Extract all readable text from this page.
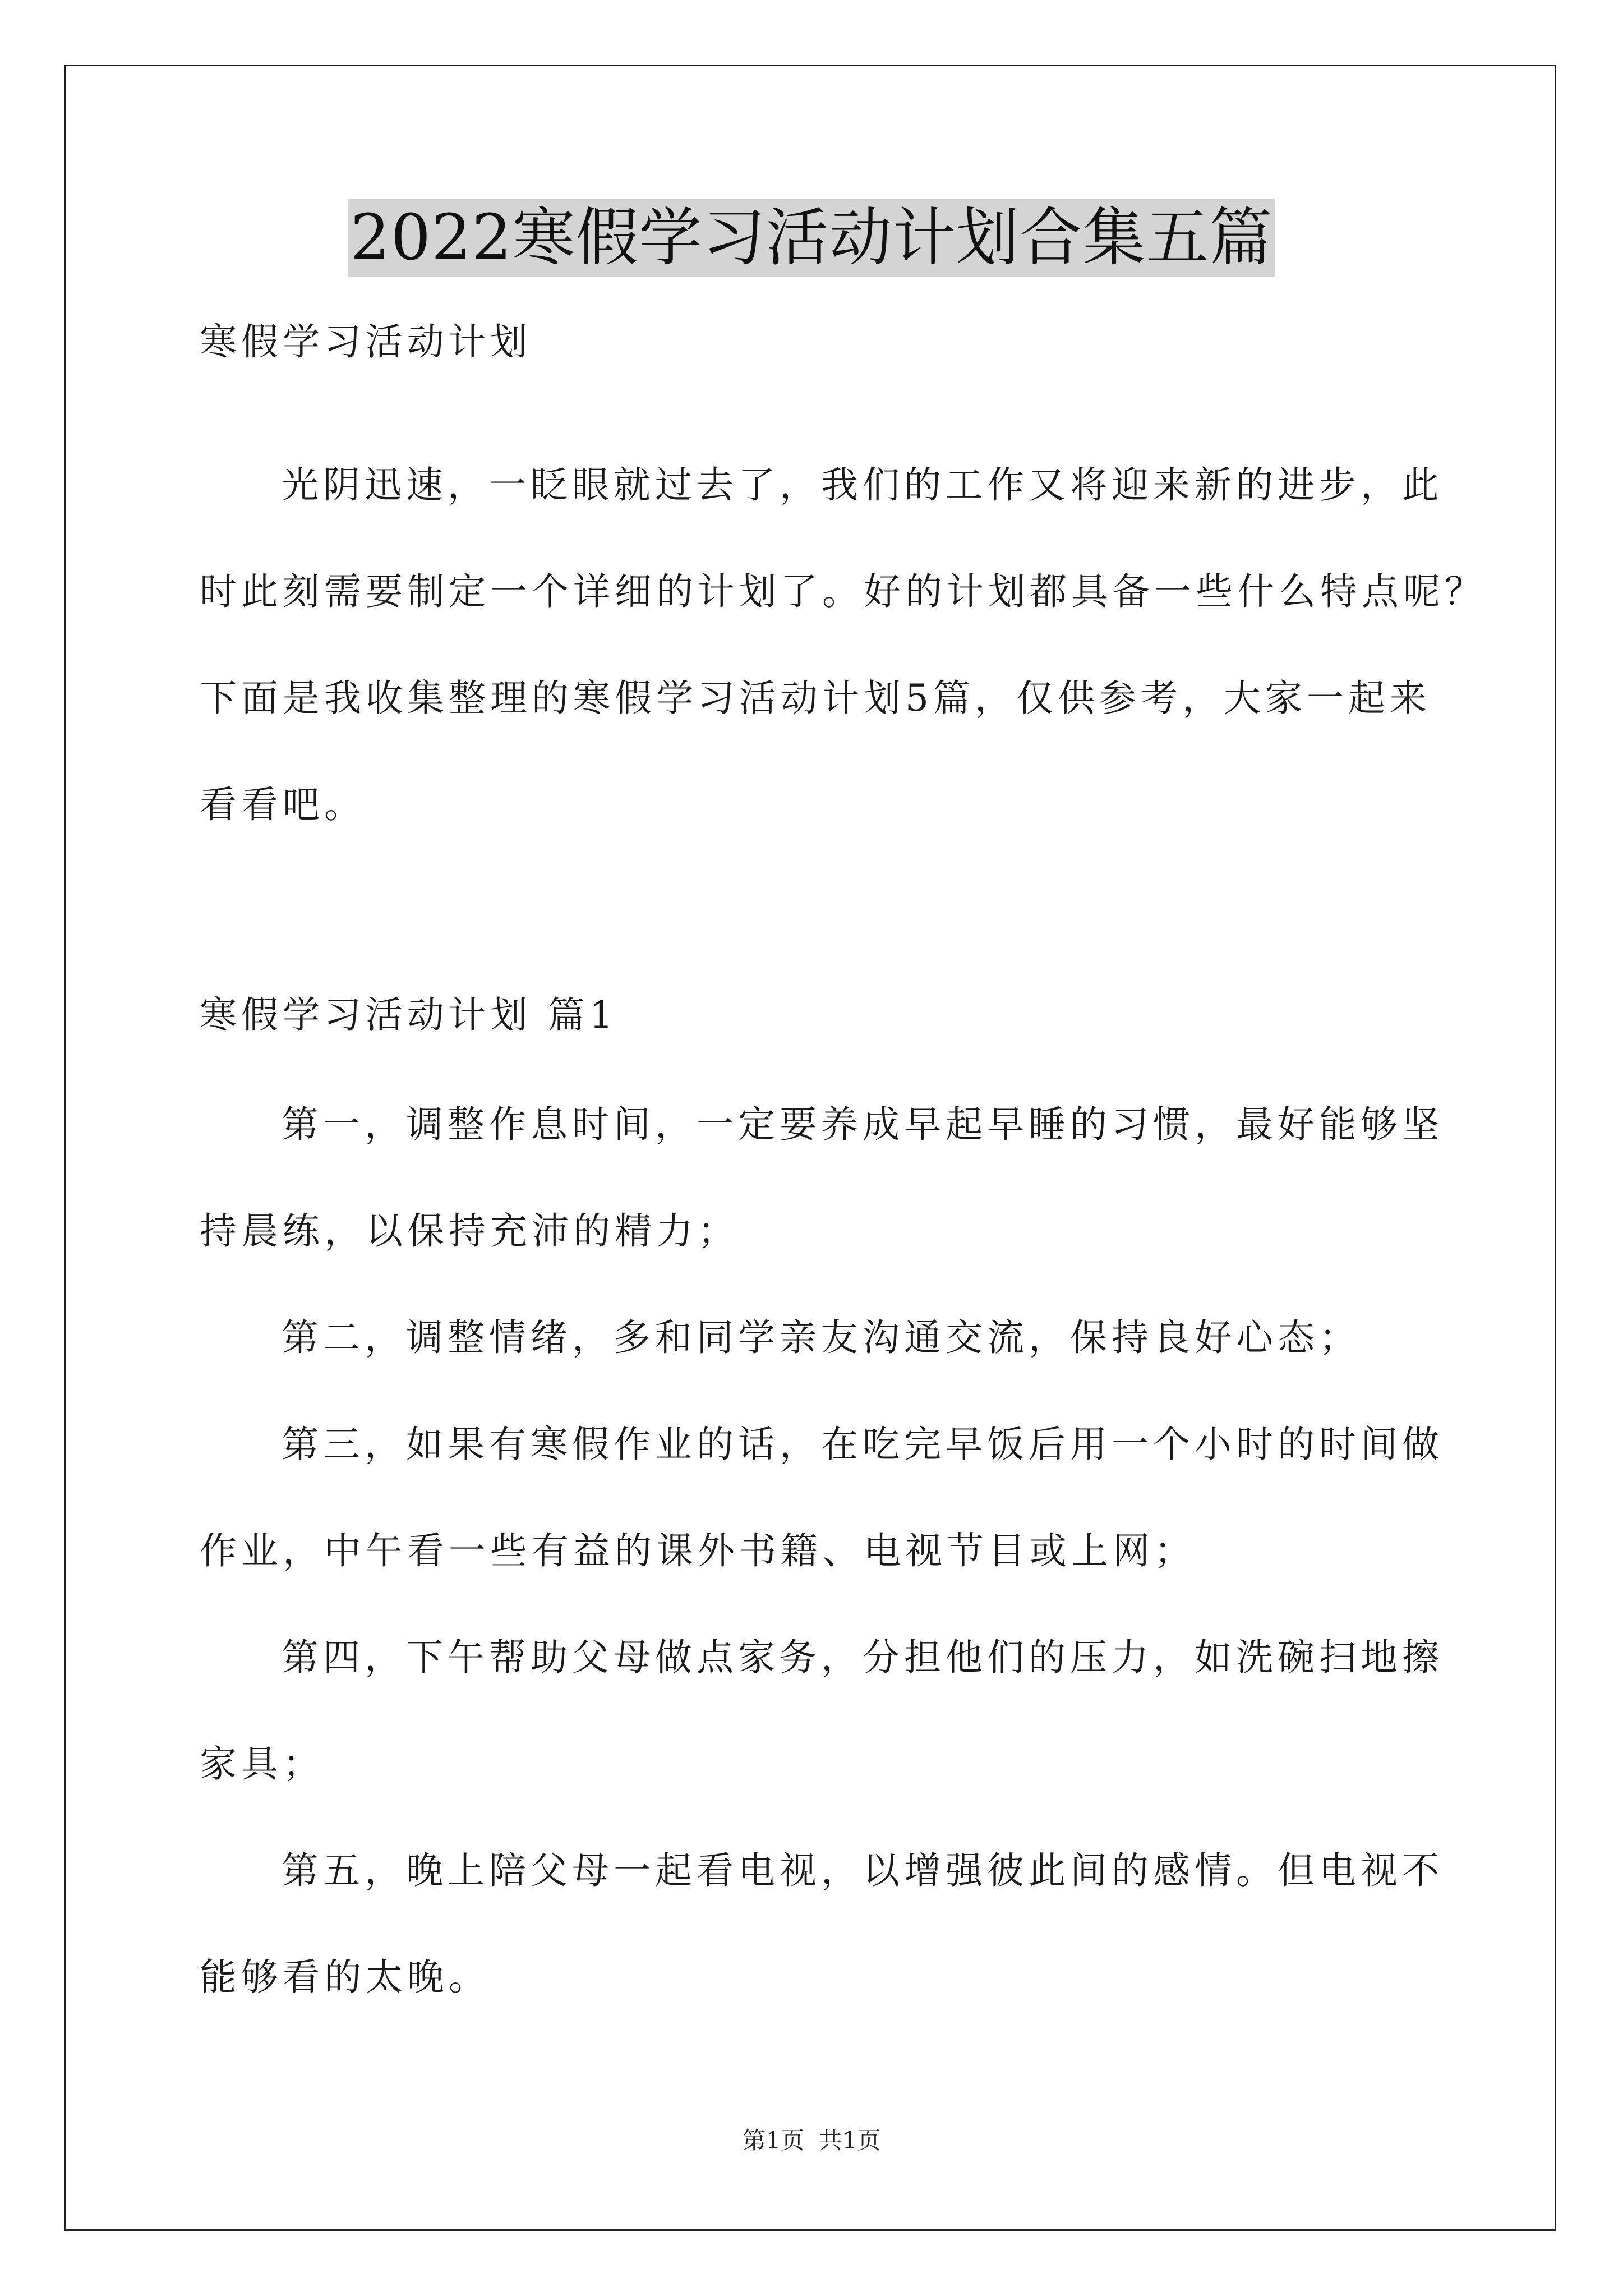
2022寒假学习活动计划合集五篇
寒假学习活动计划
光阴迅速，一眨眼就过去了，我们的工作又将迎来新的进步，此
时此刻需要制定一个详细的计划了。好的计划都具备一些什么特点呢？
下面是我收集整理的寒假学习活动计划5篇，仅供参考，大家一起来
看看吧。
寒假学习活动计划 篇1
第一，调整作息时间，一定要养成早起早睡的习惯，最好能够坚
持晨练，以保持充沛的精力；
第二，调整情绪，多和同学亲友沟通交流，保持良好心态；
第三，如果有寒假作业的话，在吃完早饭后用一个小时的时间做
作业，中午看一些有益的课外书籍、电视节目或上网；
第四，下午帮助父母做点家务，分担他们的压力，如洗碗扫地擦
家具；
第五，晚上陪父母一起看电视，以增强彼此间的感情。但电视不
能够看的太晚。
第1页 共1页
